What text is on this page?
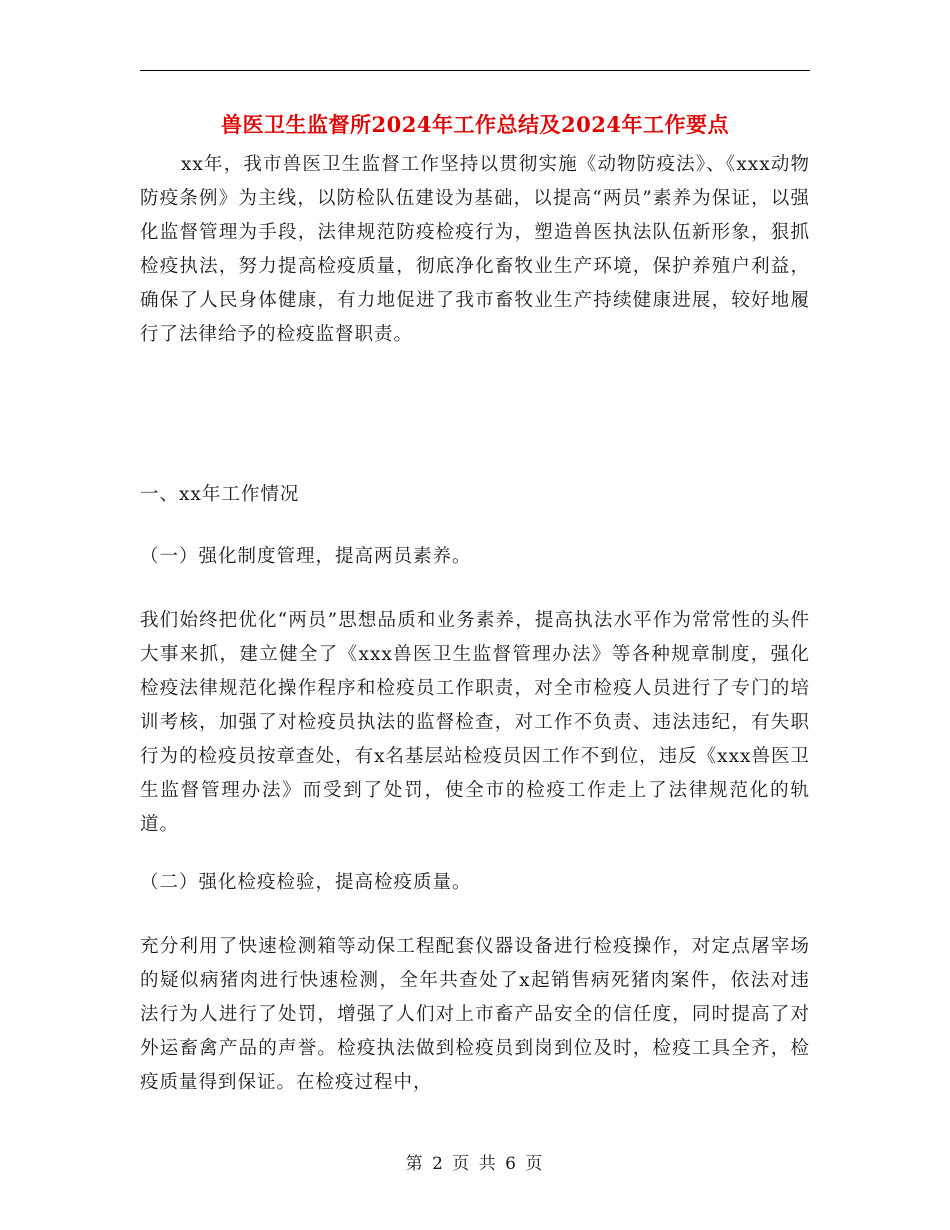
兽医卫生监督所2024年工作总结及2024年工作要点

xx年，我市兽医卫生监督工作坚持以贯彻实施《动物防疫法》、《xxx动物防疫条例》为主线，以防检队伍建设为基础，以提高“两员”素养为保证，以强化监督管理为手段，法律规范防疫检疫行为，塑造兽医执法队伍新形象，狠抓检疫执法，努力提高检疫质量，彻底净化畜牧业生产环境，保护养殖户利益，确保了人民身体健康，有力地促进了我市畜牧业生产持续健康进展，较好地履行了法律给予的检疫监督职责。

一、xx年工作情况

（一）强化制度管理，提高两员素养。

我们始终把优化“两员”思想品质和业务素养，提高执法水平作为常常性的头件大事来抓，建立健全了《xxx兽医卫生监督管理办法》等各种规章制度，强化检疫法律规范化操作程序和检疫员工作职责，对全市检疫人员进行了专门的培训考核，加强了对检疫员执法的监督检查，对工作不负责、违法违纪，有失职行为的检疫员按章查处，有x名基层站检疫员因工作不到位，违反《xxx兽医卫生监督管理办法》而受到了处罚，使全市的检疫工作走上了法律规范化的轨道。

（二）强化检疫检验，提高检疫质量。

充分利用了快速检测箱等动保工程配套仪器设备进行检疫操作，对定点屠宰场的疑似病猪肉进行快速检测，全年共查处了x起销售病死猪肉案件，依法对违法行为人进行了处罚，增强了人们对上市畜产品安全的信任度，同时提高了对外运畜禽产品的声誉。检疫执法做到检疫员到岗到位及时，检疫工具全齐，检疫质量得到保证。在检疫过程中，

第 2 页 共 6 页
